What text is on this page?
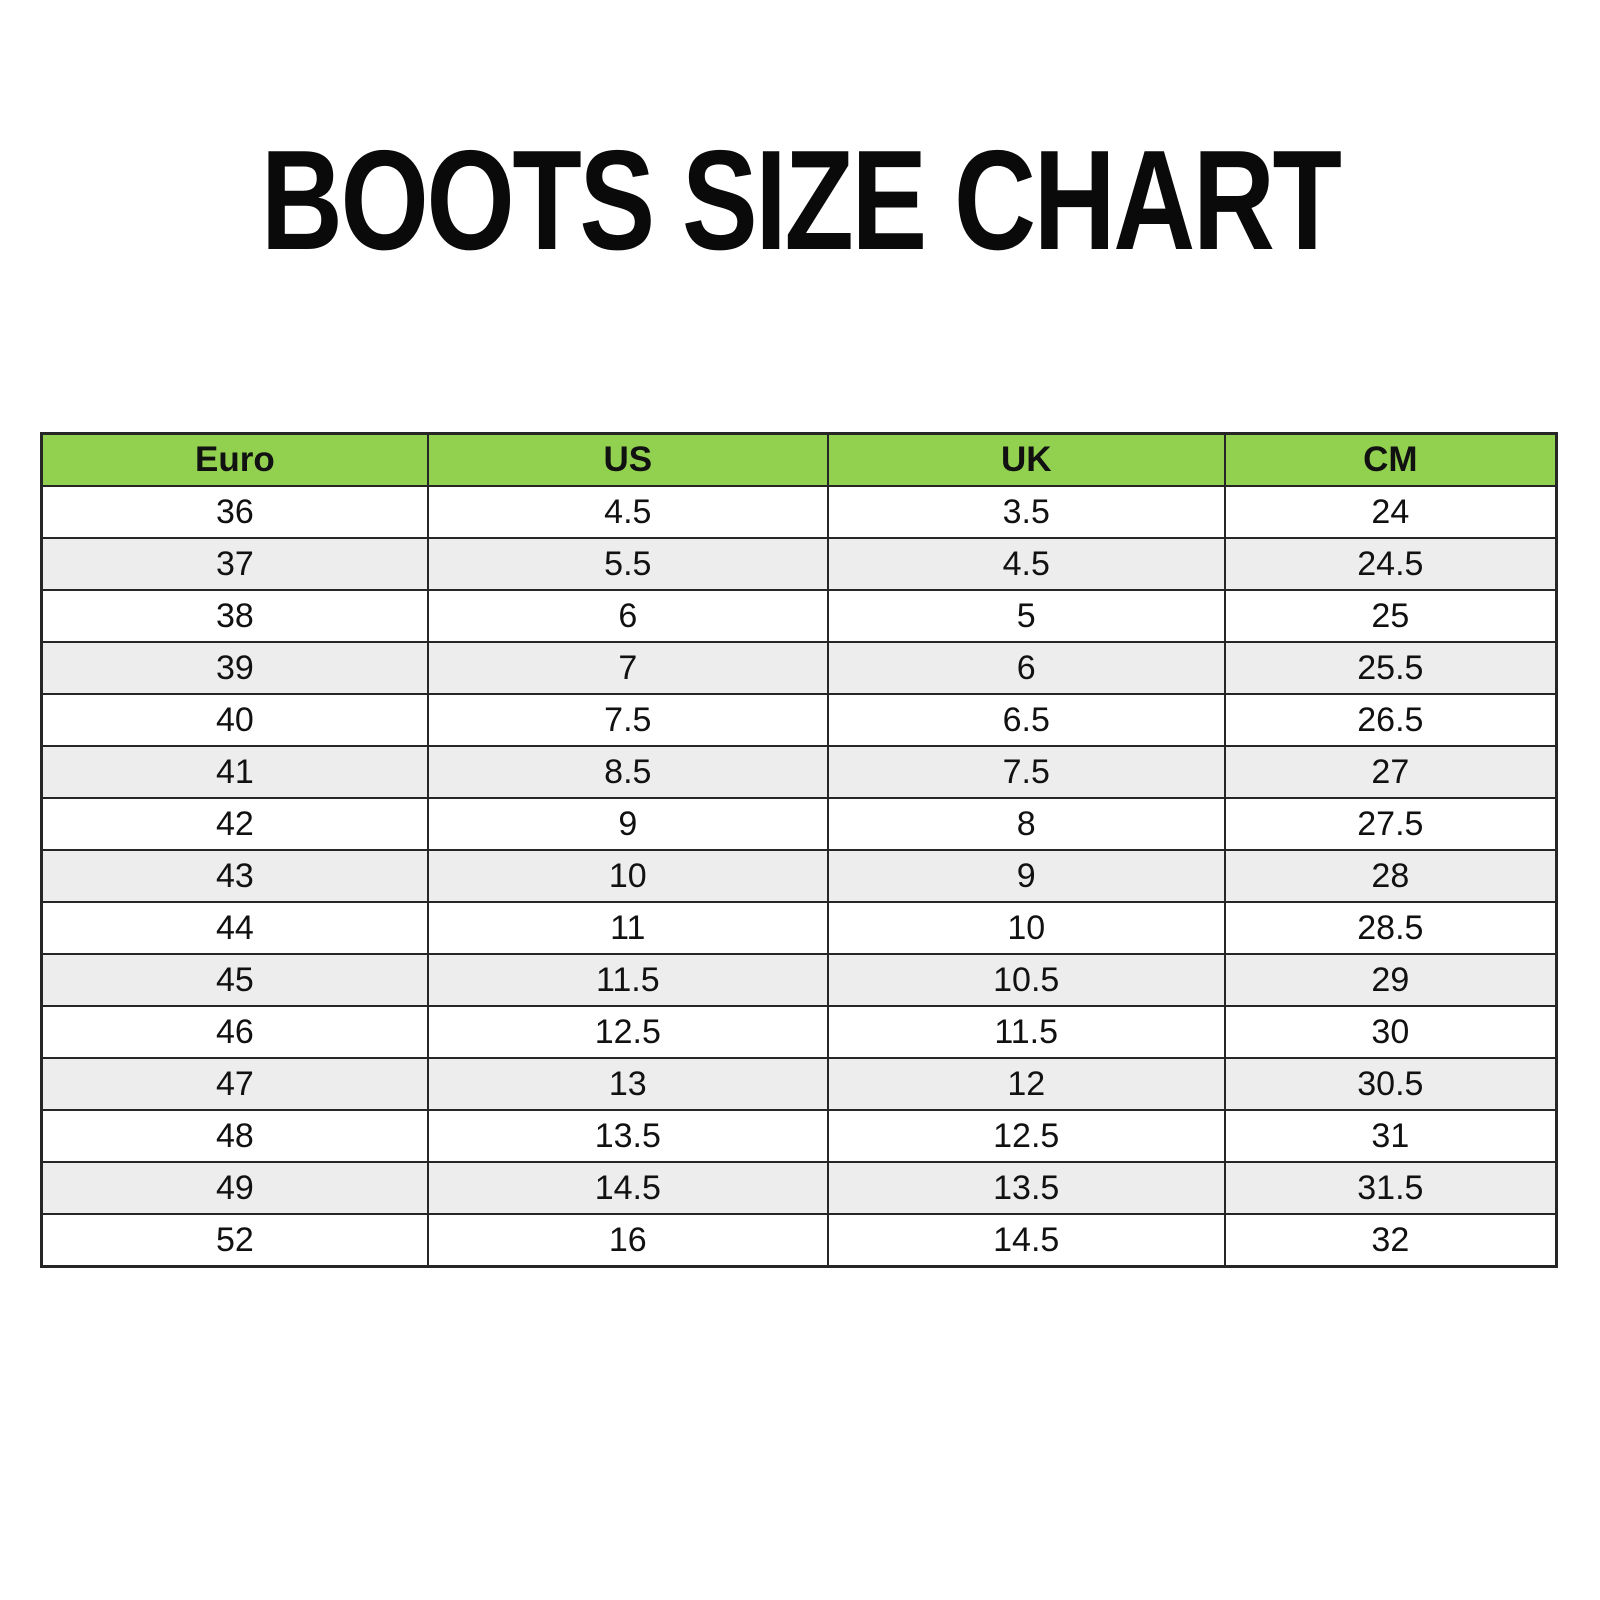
BOOTS SIZE CHART
Euro	US	UK	CM
36	4.5	3.5	24
37	5.5	4.5	24.5
38	6	5	25
39	7	6	25.5
40	7.5	6.5	26.5
41	8.5	7.5	27
42	9	8	27.5
43	10	9	28
44	11	10	28.5
45	11.5	10.5	29
46	12.5	11.5	30
47	13	12	30.5
48	13.5	12.5	31
49	14.5	13.5	31.5
52	16	14.5	32
